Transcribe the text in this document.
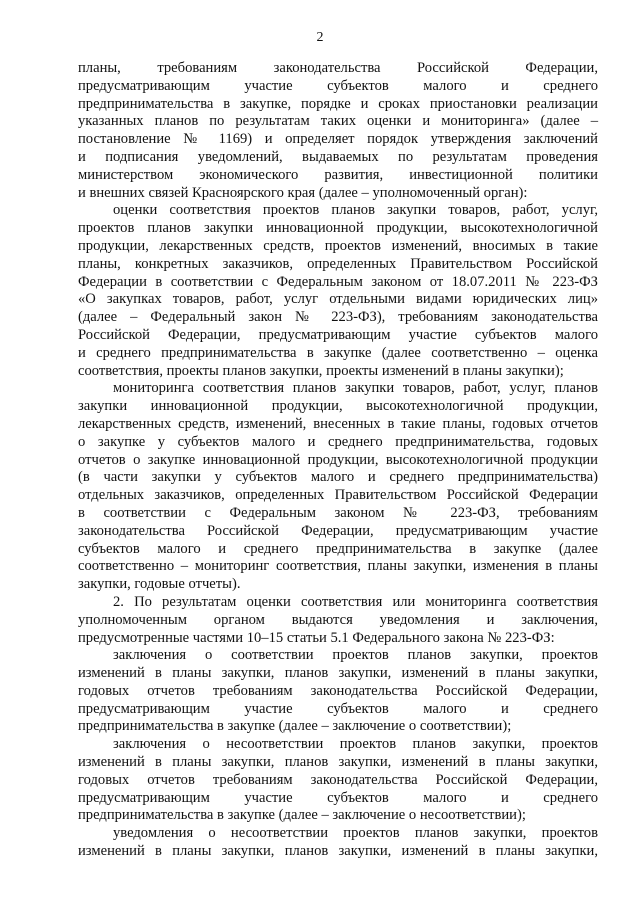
2

планы, требованиям законодательства Российской Федерации,

предусматривающим участие субъектов малого и среднего

предпринимательства в закупке, порядке и сроках приостановки реализации

указанных планов по результатам таких оценки и мониторинга» (далее –

постановление № 1169) и определяет порядок утверждения заключений

и подписания уведомлений, выдаваемых по результатам проведения

министерством экономического развития, инвестиционной политики

и внешних связей Красноярского края (далее – уполномоченный орган):

оценки соответствия проектов планов закупки товаров, работ, услуг,

проектов планов закупки инновационной продукции, высокотехнологичной

продукции, лекарственных средств, проектов изменений, вносимых в такие

планы, конкретных заказчиков, определенных Правительством Российской

Федерации в соответствии с Федеральным законом от 18.07.2011 № 223-ФЗ

«О закупках товаров, работ, услуг отдельными видами юридических лиц»

(далее – Федеральный закон № 223-ФЗ), требованиям законодательства

Российской Федерации, предусматривающим участие субъектов малого

и среднего предпринимательства в закупке (далее соответственно – оценка

соответствия, проекты планов закупки, проекты изменений в планы закупки);

мониторинга соответствия планов закупки товаров, работ, услуг, планов

закупки инновационной продукции, высокотехнологичной продукции,

лекарственных средств, изменений, внесенных в такие планы, годовых отчетов

о закупке у субъектов малого и среднего предпринимательства, годовых

отчетов о закупке инновационной продукции, высокотехнологичной продукции

(в части закупки у субъектов малого и среднего предпринимательства)

отдельных заказчиков, определенных Правительством Российской Федерации

в соответствии с Федеральным законом № 223-ФЗ, требованиям

законодательства Российской Федерации, предусматривающим участие

субъектов малого и среднего предпринимательства в закупке (далее

соответственно – мониторинг соответствия, планы закупки, изменения в планы

закупки, годовые отчеты).

2. По результатам оценки соответствия или мониторинга соответствия

уполномоченным органом выдаются уведомления и заключения,

предусмотренные частями 10–15 статьи 5.1 Федерального закона № 223-ФЗ:

заключения о соответствии проектов планов закупки, проектов

изменений в планы закупки, планов закупки, изменений в планы закупки,

годовых отчетов требованиям законодательства Российской Федерации,

предусматривающим участие субъектов малого и среднего

предпринимательства в закупке (далее – заключение о соответствии);

заключения о несоответствии проектов планов закупки, проектов

изменений в планы закупки, планов закупки, изменений в планы закупки,

годовых отчетов требованиям законодательства Российской Федерации,

предусматривающим участие субъектов малого и среднего

предпринимательства в закупке (далее – заключение о несоответствии);

уведомления о несоответствии проектов планов закупки, проектов

изменений в планы закупки, планов закупки, изменений в планы закупки,
